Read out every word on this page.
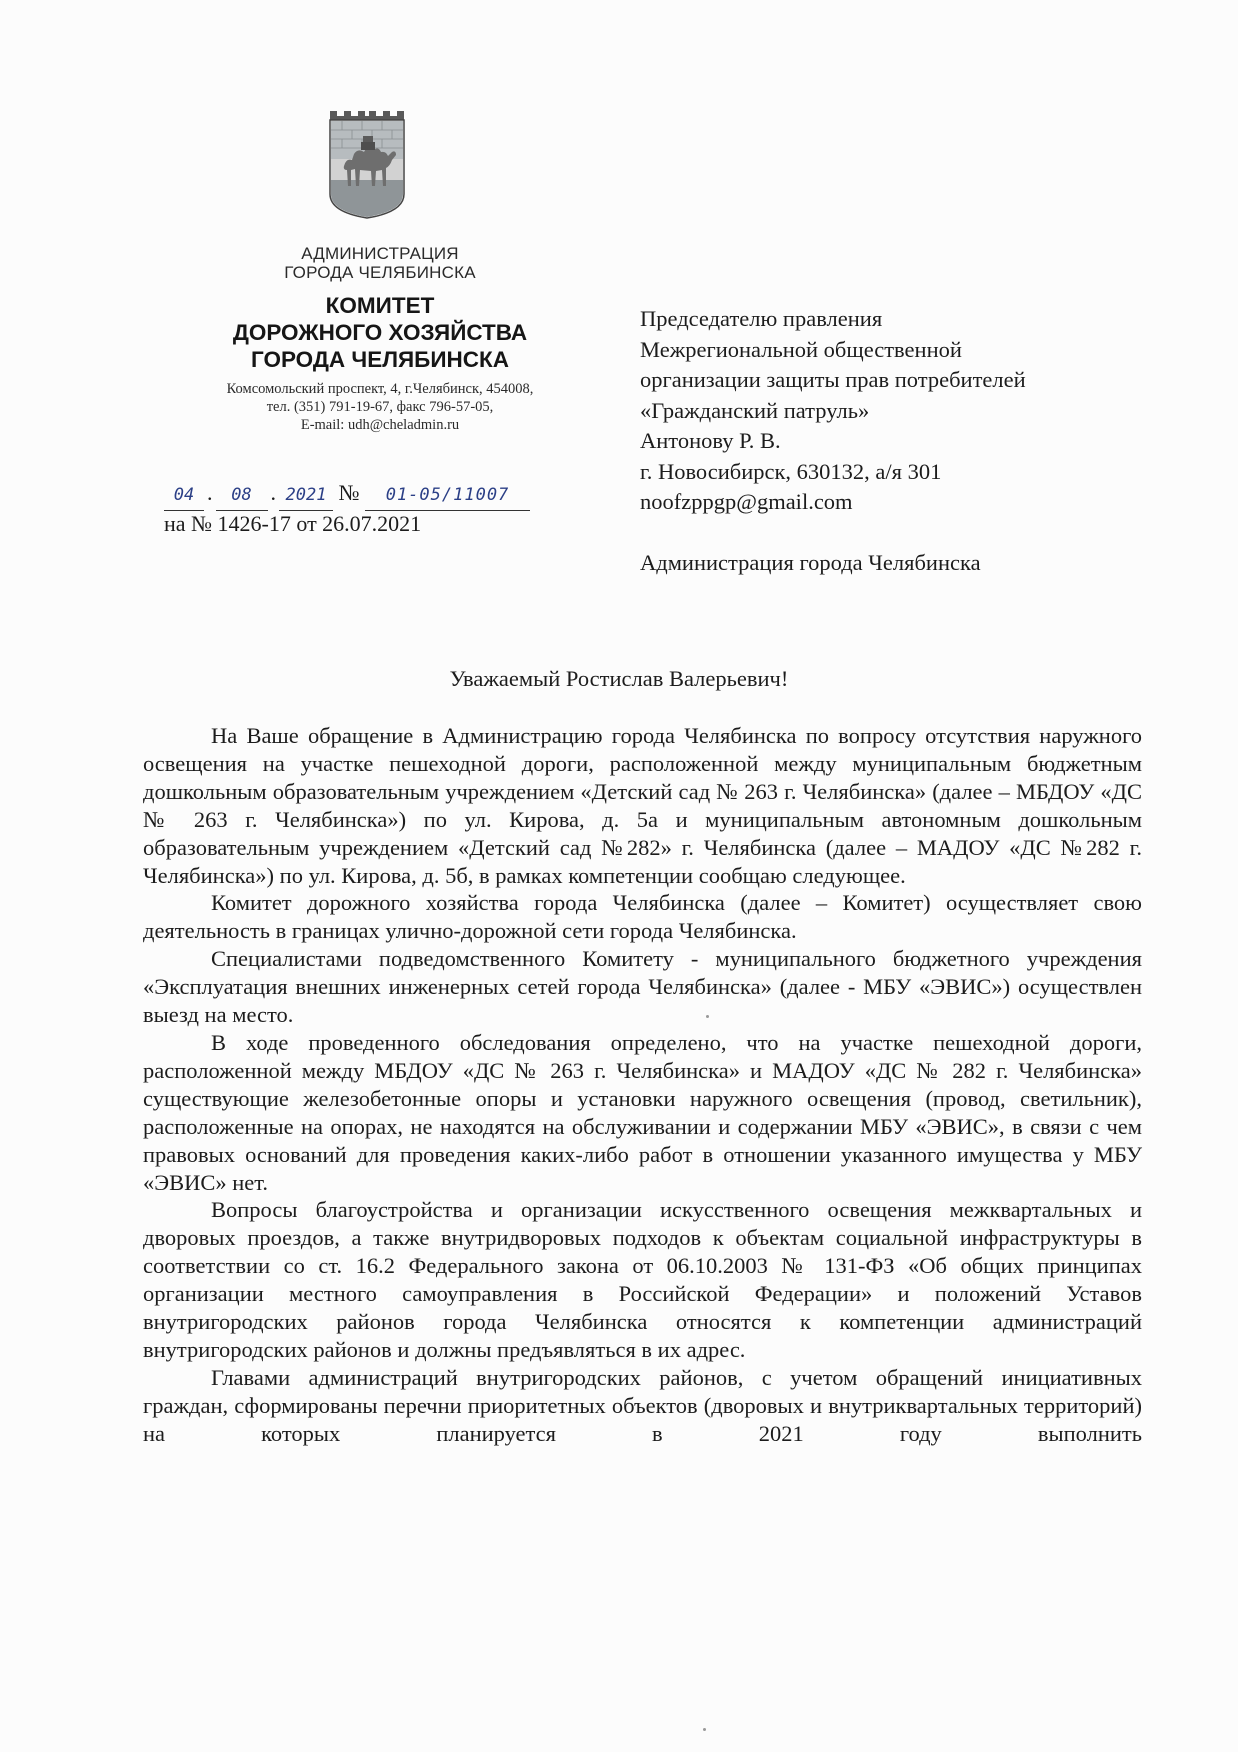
АДМИНИСТРАЦИЯ
ГОРОДА ЧЕЛЯБИНСКА
КОМИТЕТ
ДОРОЖНОГО ХОЗЯЙСТВА
ГОРОДА ЧЕЛЯБИНСКА
Комсомольский проспект, 4, г.Челябинск, 454008,
тел. (351) 791-19-67, факс 796-57-05,
E-mail: udh@cheladmin.ru
04 . 08 . 2021 № 01-05/11007
на № 1426-17 от 26.07.2021
Председателю правления
Межрегиональной общественной
организации защиты прав потребителей
«Гражданский патруль»
Антонову Р. В.
г. Новосибирск, 630132, а/я 301
noofzppgp@gmail.com
Администрация города Челябинска
Уважаемый Ростислав Валерьевич!

На Ваше обращение в Администрацию города Челябинска по вопросу отсутствия наружного освещения на участке пешеходной дороги, расположенной между муниципальным бюджетным дошкольным образовательным учреждением «Детский сад № 263 г. Челябинска» (далее – МБДОУ «ДС № 263 г. Челябинска») по ул. Кирова, д. 5а и муниципальным автономным дошкольным образовательным учреждением «Детский сад №282» г. Челябинска (далее – МАДОУ «ДС №282 г. Челябинска») по ул. Кирова, д. 5б, в рамках компетенции сообщаю следующее.

Комитет дорожного хозяйства города Челябинска (далее – Комитет) осуществляет свою деятельность в границах улично-дорожной сети города Челябинска.

Специалистами подведомственного Комитету - муниципального бюджетного учреждения «Эксплуатация внешних инженерных сетей города Челябинска» (далее - МБУ «ЭВИС») осуществлен выезд на место.

В ходе проведенного обследования определено, что на участке пешеходной дороги, расположенной между МБДОУ «ДС № 263 г. Челябинска» и МАДОУ «ДС № 282 г. Челябинска» существующие железобетонные опоры и установки наружного освещения (провод, светильник), расположенные на опорах, не находятся на обслуживании и содержании МБУ «ЭВИС», в связи с чем правовых оснований для проведения каких-либо работ в отношении указанного имущества у МБУ «ЭВИС» нет.

Вопросы благоустройства и организации искусственного освещения межквартальных и дворовых проездов, а также внутридворовых подходов к объектам социальной инфраструктуры в соответствии со ст. 16.2 Федерального закона от 06.10.2003 № 131-ФЗ «Об общих принципах организации местного самоуправления в Российской Федерации» и положений Уставов внутригородских районов города Челябинска относятся к компетенции администраций внутригородских районов и должны предъявляться в их адрес.

Главами администраций внутригородских районов, с учетом обращений инициативных граждан, сформированы перечни приоритетных объектов (дворовых и внутриквартальных территорий) на которых планируется в 2021 году выполнить
